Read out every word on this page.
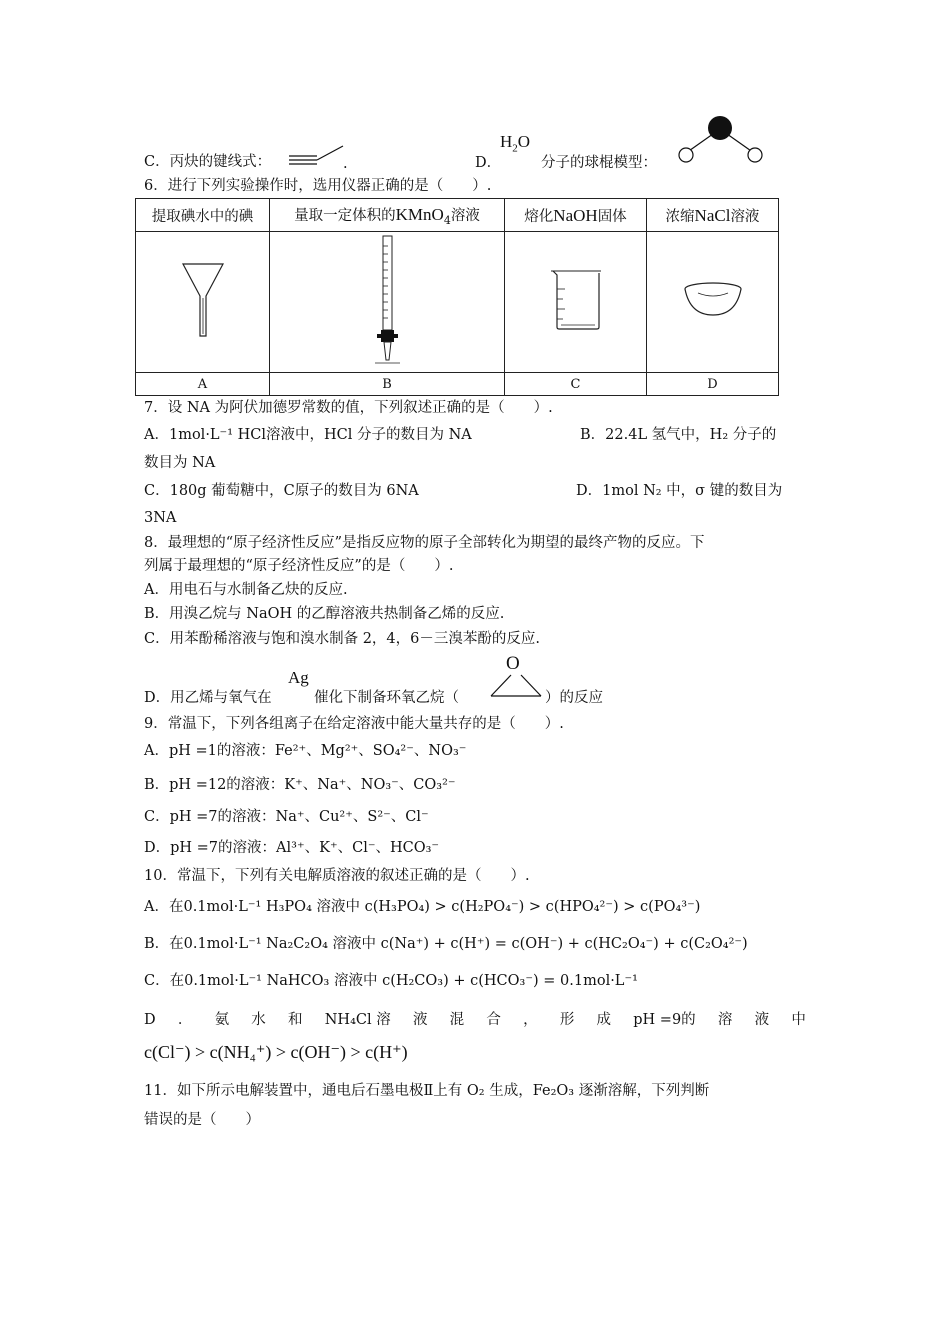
C．丙炔的键线式：	.	D．
$H_2O$
分子的球棍模型：
6．进行下列实验操作时，选用仪器正确的是（　　）.
提取碘水中的碘	量取一定体积的KMnO$_4$溶液	熔化NaOH固体	浓缩NaCl溶液

A	B	C	D
7．设 NA 为阿伏加德罗常数的值，下列叙述正确的是（　　）.
A．1mol·L⁻¹ HCl溶液中，HCl 分子的数目为 NA	B．22.4L 氢气中，H₂ 分子的
数目为 NA
C．180g 葡萄糖中，C原子的数目为 6NA	D．1mol N₂ 中，σ 键的数目为
3NA
8．最理想的“原子经济性反应”是指反应物的原子全部转化为期望的最终产物的反应。下
列属于最理想的“原子经济性反应”的是（　　）.
A．用电石与水制备乙炔的反应.
B．用溴乙烷与 NaOH 的乙醇溶液共热制备乙烯的反应.
C．用苯酚稀溶液与饱和溴水制备 2，4，6－三溴苯酚的反应.
D．用乙烯与氧气在
Ag
催化下制备环氧乙烷（
O
）的反应
9．常温下，下列各组离子在给定溶液中能大量共存的是（　　）.
A．pH =1的溶液：Fe²⁺、Mg²⁺、SO₄²⁻、NO₃⁻
B．pH =12的溶液：K⁺、Na⁺、NO₃⁻、CO₃²⁻
C．pH =7的溶液：Na⁺、Cu²⁺、S²⁻、Cl⁻
D．pH =7的溶液：Al³⁺、K⁺、Cl⁻、HCO₃⁻
10．常温下，下列有关电解质溶液的叙述正确的是（　　）.
A．在0.1mol·L⁻¹ H₃PO₄ 溶液中 c(H₃PO₄) > c(H₂PO₄⁻) > c(HPO₄²⁻) > c(PO₄³⁻)
B．在0.1mol·L⁻¹ Na₂C₂O₄ 溶液中 c(Na⁺) + c(H⁺) = c(OH⁻) + c(HC₂O₄⁻) + c(C₂O₄²⁻)
C．在0.1mol·L⁻¹ NaHCO₃ 溶液中 c(H₂CO₃) + c(HCO₃⁻) = 0.1mol·L⁻¹
D ． 氨 水 和 NH₄Cl 溶 液 混 合 ， 形 成 pH =9的 溶 液 中
c(Cl⁻) > c(NH₄⁺) > c(OH⁻) > c(H⁺)
11．如下所示电解装置中，通电后石墨电极Ⅱ上有 O₂ 生成，Fe₂O₃ 逐渐溶解，下列判断
错误的是（　　）
